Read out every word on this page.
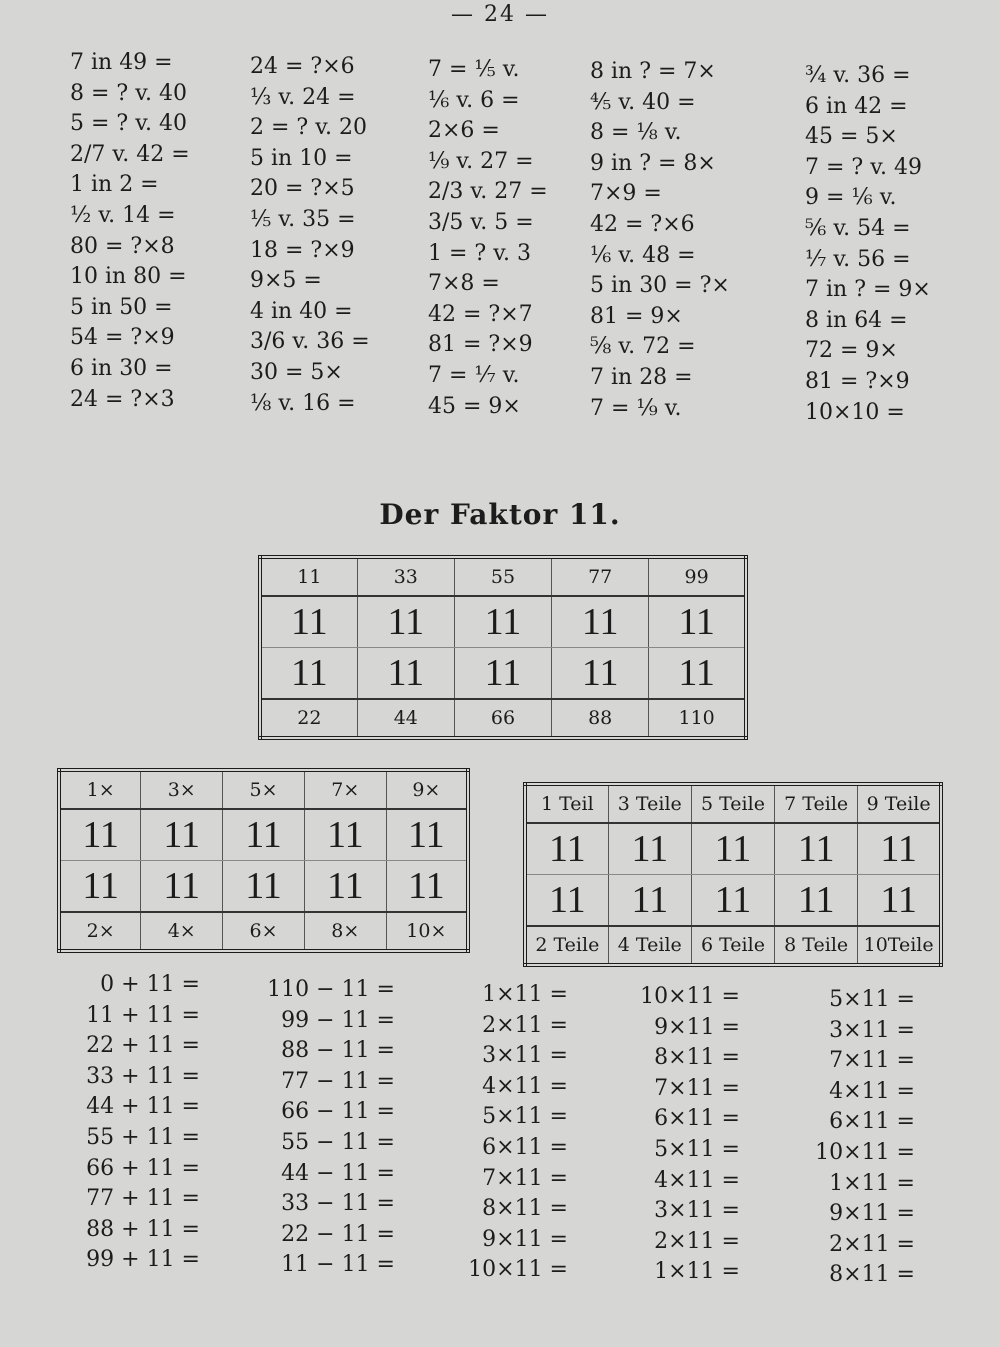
— 24 —
7 in 49 =
8 = ? v. 40
5 = ? v. 40
2/7 v. 42 =
1 in 2 =
½ v. 14 =
80 = ?×8
10 in 80 =
5 in 50 =
54 = ?×9
6 in 30 =
24 = ?×3
24 = ?×6
⅓ v. 24 =
2 = ? v. 20
5 in 10 =
20 = ?×5
⅕ v. 35 =
18 = ?×9
9×5 =
4 in 40 =
3/6 v. 36 =
30 = 5×
⅛ v. 16 =
7 = ⅕ v.
⅙ v. 6 =
2×6 =
⅑ v. 27 =
2/3 v. 27 =
3/5 v. 5 =
1 = ? v. 3
7×8 =
42 = ?×7
81 = ?×9
7 = ⅐ v.
45 = 9×
8 in ? = 7×
⅘ v. 40 =
8 = ⅛ v.
9 in ? = 8×
7×9 =
42 = ?×6
⅙ v. 48 =
5 in 30 = ?×
81 = 9×
⅝ v. 72 =
7 in 28 =
7 = ⅑ v.
¾ v. 36 =
6 in 42 =
45 = 5×
7 = ? v. 49
9 = ⅙ v.
⅚ v. 54 =
⅐ v. 56 =
7 in ? = 9×
8 in 64 =
72 = 9×
81 = ?×9
10×10 =
Der Faktor 11.
11	33	55	77	99
11	11	11	11	11
11	11	11	11	11
22	44	66	88	110
1×	3×	5×	7×	9×
11	11	11	11	11
11	11	11	11	11
2×	4×	6×	8×	10×
1 Teil	3 Teile	5 Teile	7 Teile	9 Teile
11	11	11	11	11
11	11	11	11	11
2 Teile	4 Teile	6 Teile	8 Teile	10Teile
0 + 11 =
11 + 11 =
22 + 11 =
33 + 11 =
44 + 11 =
55 + 11 =
66 + 11 =
77 + 11 =
88 + 11 =
99 + 11 =
110 − 11 =
99 − 11 =
88 − 11 =
77 − 11 =
66 − 11 =
55 − 11 =
44 − 11 =
33 − 11 =
22 − 11 =
11 − 11 =
1×11 =
2×11 =
3×11 =
4×11 =
5×11 =
6×11 =
7×11 =
8×11 =
9×11 =
10×11 =
10×11 =
9×11 =
8×11 =
7×11 =
6×11 =
5×11 =
4×11 =
3×11 =
2×11 =
1×11 =
5×11 =
3×11 =
7×11 =
4×11 =
6×11 =
10×11 =
1×11 =
9×11 =
2×11 =
8×11 =
